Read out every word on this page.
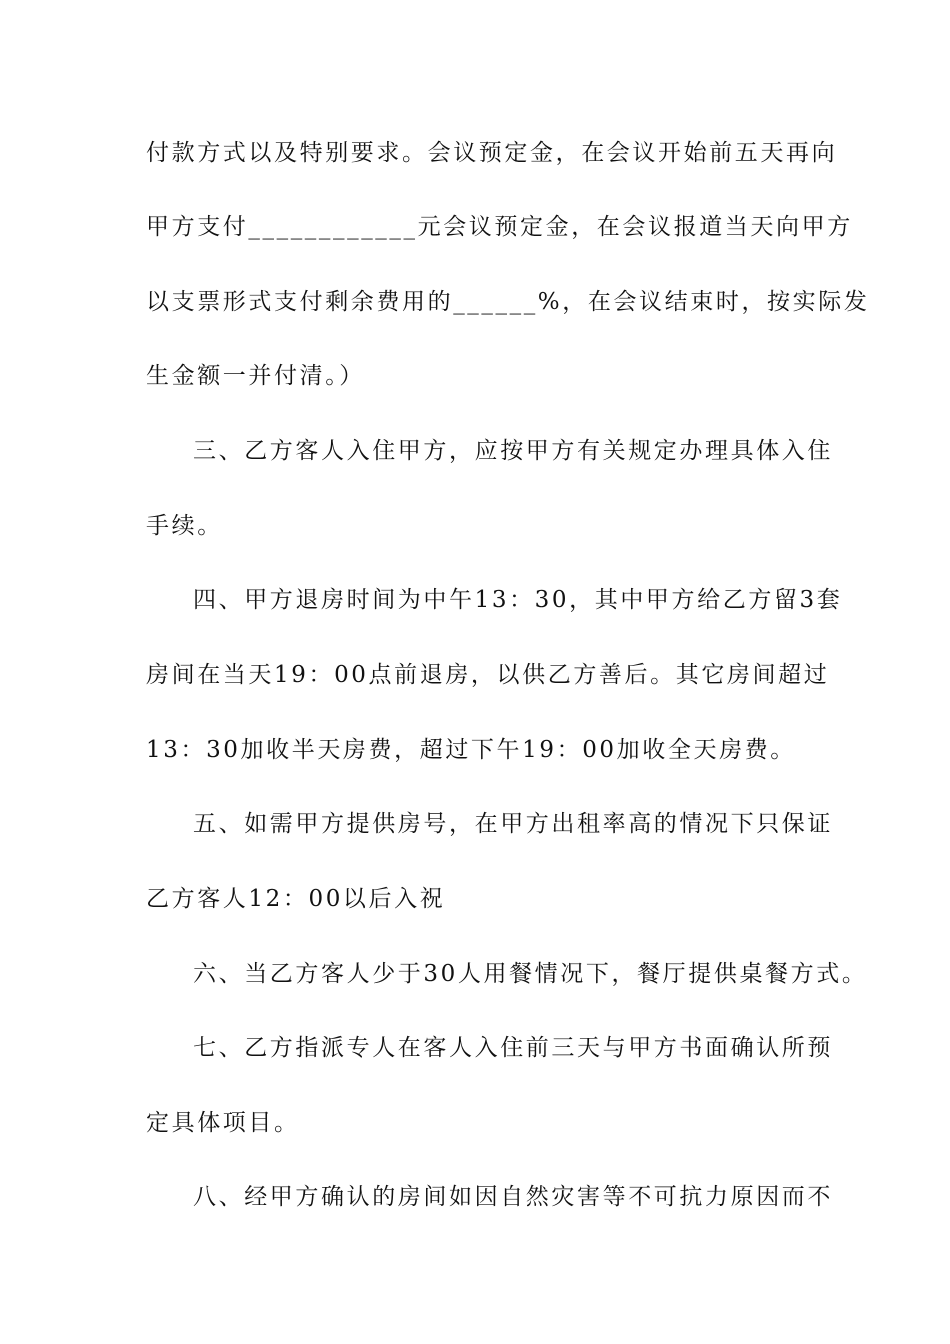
付款方式以及特别要求。会议预定金，在会议开始前五天再向
甲方支付____________元会议预定金，在会议报道当天向甲方
以支票形式支付剩余费用的______%，在会议结束时，按实际发
生金额一并付清。）
三、乙方客人入住甲方，应按甲方有关规定办理具体入住
手续。
四、甲方退房时间为中午13：30，其中甲方给乙方留3套
房间在当天19：00点前退房，以供乙方善后。其它房间超过
13：30加收半天房费，超过下午19：00加收全天房费。
五、如需甲方提供房号，在甲方出租率高的情况下只保证
乙方客人12：00以后入祝
六、当乙方客人少于30人用餐情况下，餐厅提供桌餐方式。
七、乙方指派专人在客人入住前三天与甲方书面确认所预
定具体项目。
八、经甲方确认的房间如因自然灾害等不可抗力原因而不
